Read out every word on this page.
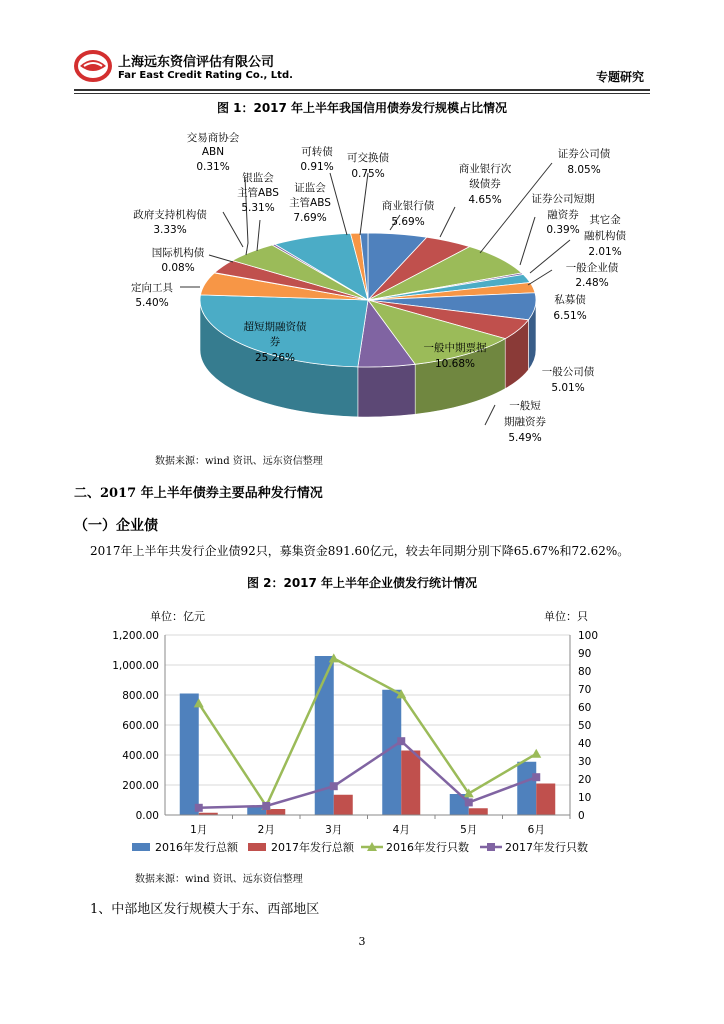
上海远东资信评估有限公司
Far East Credit Rating Co., Ltd.	专题研究
图 1：2017 年上半年我国信用债券发行规模占比情况
交易商协会
ABN
0.31%
银监会
主管ABS
5.31%
可转债
0.91%
可交换债
0.75%
证监会
主管ABS
7.69%
政府支持机构债
3.33%
国际机构债
0.08%
定向工具
5.40%
超短期融资债
券
25.26%
商业银行债
5.69%
商业银行次
级债券
4.65%
证券公司债
8.05%
证券公司短期
融资券
0.39%
其它金
融机构债
2.01%
一般企业债
2.48%
私募债
6.51%
一般中期票据
10.68%
一般公司债
5.01%
一般短
期融资券
5.49%
数据来源：wind 资讯、远东资信整理
二、2017 年上半年债券主要品种发行情况
（一）企业债
2017年上半年共发行企业债92只，募集资金891.60亿元，较去年同期分别下降65.67%和72.62%。
图 2：2017 年上半年企业债发行统计情况
单位：亿元	单位：只
0.00
200.00
400.00
600.00
800.00
1,000.00
1,200.00
0
10
20
30
40
50
60
70
80
90
100
1月	2月	3月	4月	5月	6月
2016年发行总额	2017年发行总额	2016年发行只数	2017年发行只数
数据来源：wind 资讯、远东资信整理
1、中部地区发行规模大于东、西部地区
3
